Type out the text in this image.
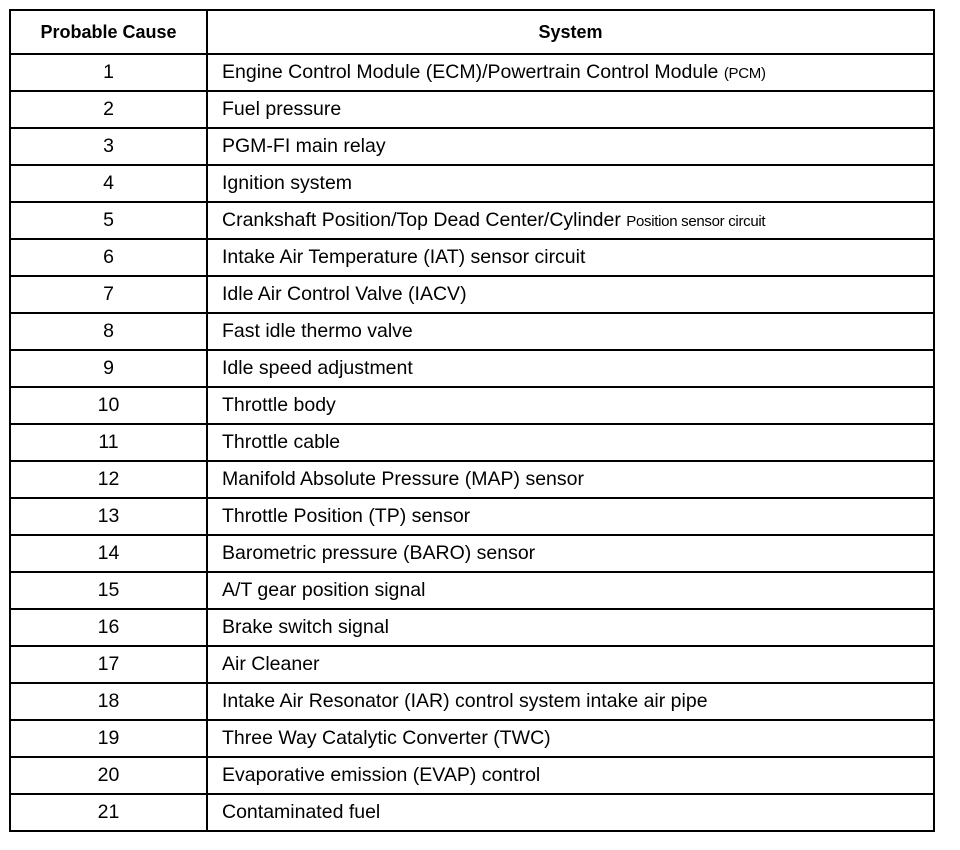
Probable Cause	System
1	Engine Control Module (ECM)/Powertrain Control Module (PCM)
2	Fuel pressure
3	PGM-FI main relay
4	Ignition system
5	Crankshaft Position/Top Dead Center/Cylinder Position sensor circuit
6	Intake Air Temperature (IAT) sensor circuit
7	Idle Air Control Valve (IACV)
8	Fast idle thermo valve
9	Idle speed adjustment
10	Throttle body
11	Throttle cable
12	Manifold Absolute Pressure (MAP) sensor
13	Throttle Position (TP) sensor
14	Barometric pressure (BARO) sensor
15	A/T gear position signal
16	Brake switch signal
17	Air Cleaner
18	Intake Air Resonator (IAR) control system intake air pipe
19	Three Way Catalytic Converter (TWC)
20	Evaporative emission (EVAP) control
21	Contaminated fuel
